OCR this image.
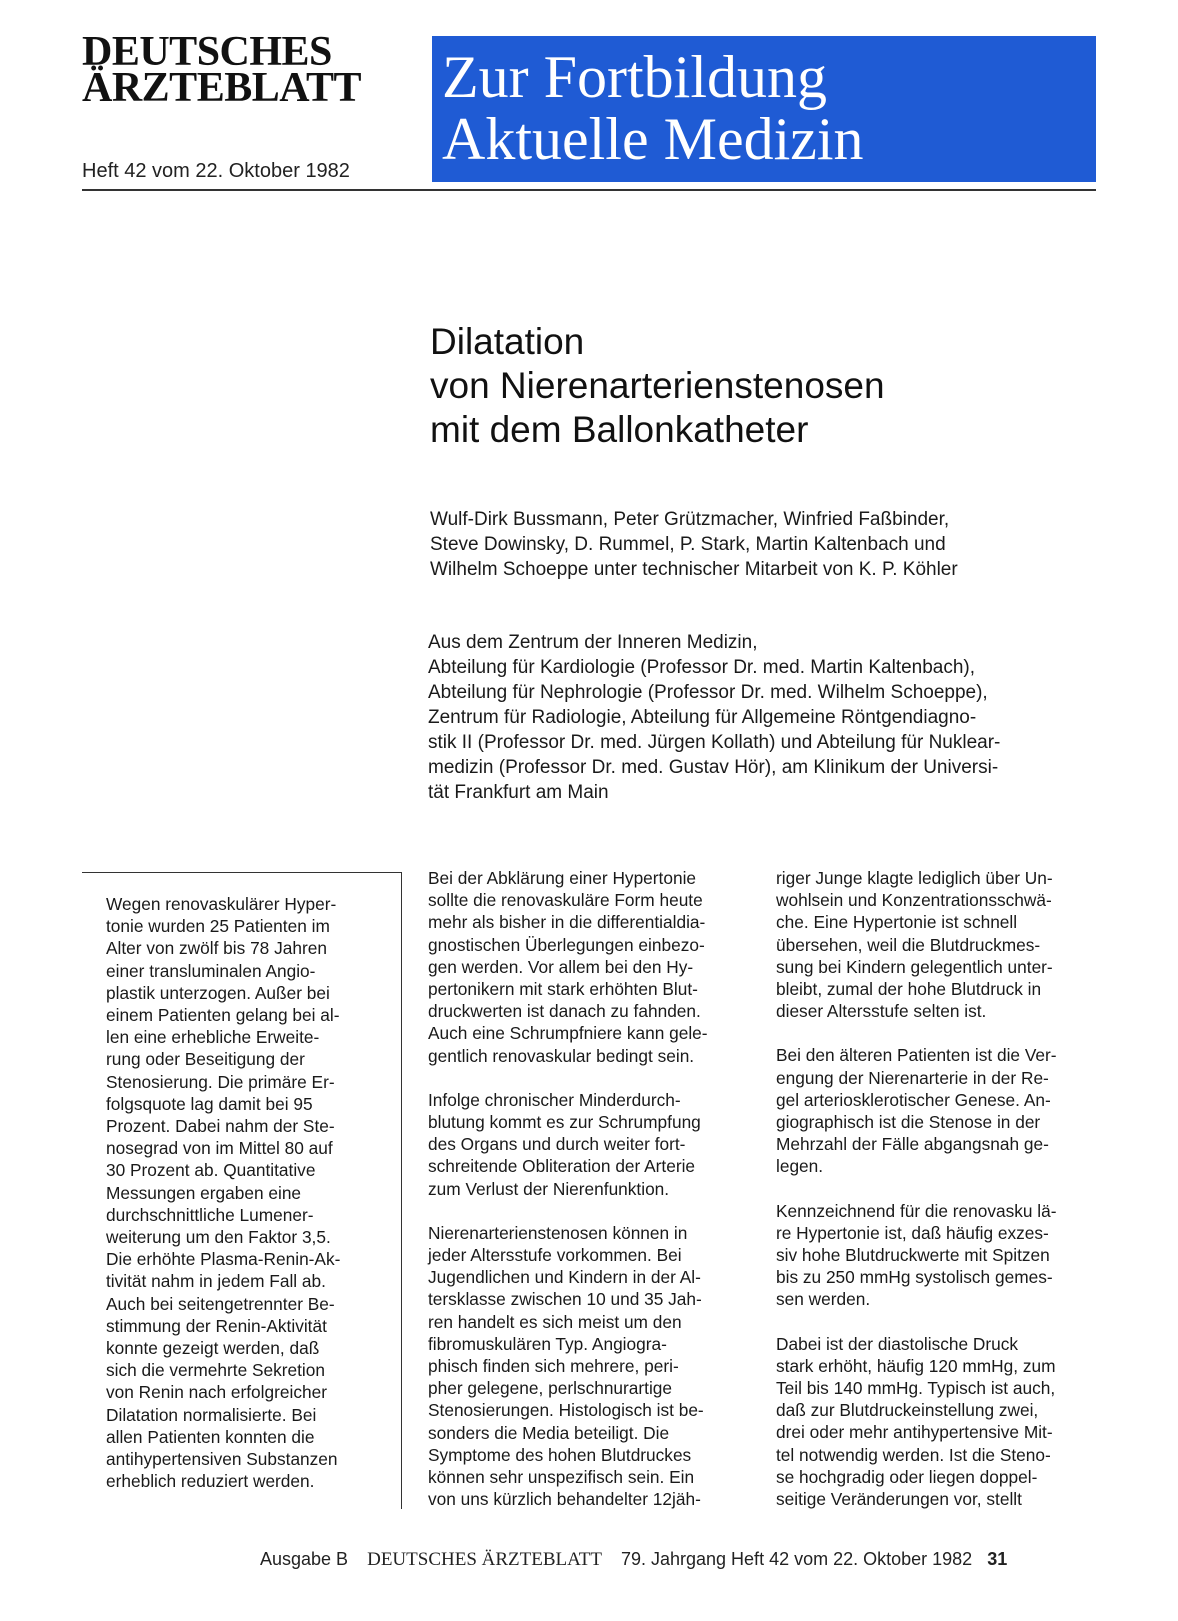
DEUTSCHES
ÄRZTEBLATT
Heft 42 vom 22. Oktober 1982
Zur Fortbildung
Aktuelle Medizin
Dilatation
von Nierenarterienstenosen
mit dem Ballonkatheter
Wulf-Dirk Bussmann, Peter Grützmacher, Winfried Faßbinder,
Steve Dowinsky, D. Rummel, P. Stark, Martin Kaltenbach und
Wilhelm Schoeppe unter technischer Mitarbeit von K. P. Köhler
Aus dem Zentrum der Inneren Medizin,
Abteilung für Kardiologie (Professor Dr. med. Martin Kaltenbach),
Abteilung für Nephrologie (Professor Dr. med. Wilhelm Schoeppe),
Zentrum für Radiologie, Abteilung für Allgemeine Röntgendiagno-
stik II (Professor Dr. med. Jürgen Kollath) und Abteilung für Nuklear-
medizin (Professor Dr. med. Gustav Hör), am Klinikum der Universi-
tät Frankfurt am Main

Wegen renovaskulärer Hyper-
tonie wurden 25 Patienten im
Alter von zwölf bis 78 Jahren
einer transluminalen Angio-
plastik unterzogen. Außer bei
einem Patienten gelang bei al-
len eine erhebliche Erweite-
rung oder Beseitigung der
Stenosierung. Die primäre Er-
folgsquote lag damit bei 95
Prozent. Dabei nahm der Ste-
nosegrad von im Mittel 80 auf
30 Prozent ab. Quantitative
Messungen ergaben eine
durchschnittliche Lumener-
weiterung um den Faktor 3,5.
Die erhöhte Plasma-Renin-Ak-
tivität nahm in jedem Fall ab.
Auch bei seitengetrennter Be-
stimmung der Renin-Aktivität
konnte gezeigt werden, daß
sich die vermehrte Sekretion
von Renin nach erfolgreicher
Dilatation normalisierte. Bei
allen Patienten konnten die
antihypertensiven Substanzen
erheblich reduziert werden.

Bei der Abklärung einer Hypertonie
sollte die renovaskuläre Form heute
mehr als bisher in die differentialdia-
gnostischen Überlegungen einbezo-
gen werden. Vor allem bei den Hy-
pertonikern mit stark erhöhten Blut-
druckwerten ist danach zu fahnden.
Auch eine Schrumpfniere kann gele-
gentlich renovaskular bedingt sein.

Infolge chronischer Minderdurch-
blutung kommt es zur Schrumpfung
des Organs und durch weiter fort-
schreitende Obliteration der Arterie
zum Verlust der Nierenfunktion.

Nierenarterienstenosen können in
jeder Altersstufe vorkommen. Bei
Jugendlichen und Kindern in der Al-
tersklasse zwischen 10 und 35 Jah-
ren handelt es sich meist um den
fibromuskulären Typ. Angiogra-
phisch finden sich mehrere, peri-
pher gelegene, perlschnurartige
Stenosierungen. Histologisch ist be-
sonders die Media beteiligt. Die
Symptome des hohen Blutdruckes
können sehr unspezifisch sein. Ein
von uns kürzlich behandelter 12jäh-

riger Junge klagte lediglich über Un-
wohlsein und Konzentrationsschwä-
che. Eine Hypertonie ist schnell
übersehen, weil die Blutdruckmes-
sung bei Kindern gelegentlich unter-
bleibt, zumal der hohe Blutdruck in
dieser Altersstufe selten ist.

Bei den älteren Patienten ist die Ver-
engung der Nierenarterie in der Re-
gel arteriosklerotischer Genese. An-
giographisch ist die Stenose in der
Mehrzahl der Fälle abgangsnah ge-
legen.

Kennzeichnend für die renovasku lä-
re Hypertonie ist, daß häufig exzes-
siv hohe Blutdruckwerte mit Spitzen
bis zu 250 mmHg systolisch gemes-
sen werden.

Dabei ist der diastolische Druck
stark erhöht, häufig 120 mmHg, zum
Teil bis 140 mmHg. Typisch ist auch,
daß zur Blutdruckeinstellung zwei,
drei oder mehr antihypertensive Mit-
tel notwendig werden. Ist die Steno-
se hochgradig oder liegen doppel-
seitige Veränderungen vor, stellt

Ausgabe B DEUTSCHES ÄRZTEBLATT 79. Jahrgang Heft 42 vom 22. Oktober 1982 31
